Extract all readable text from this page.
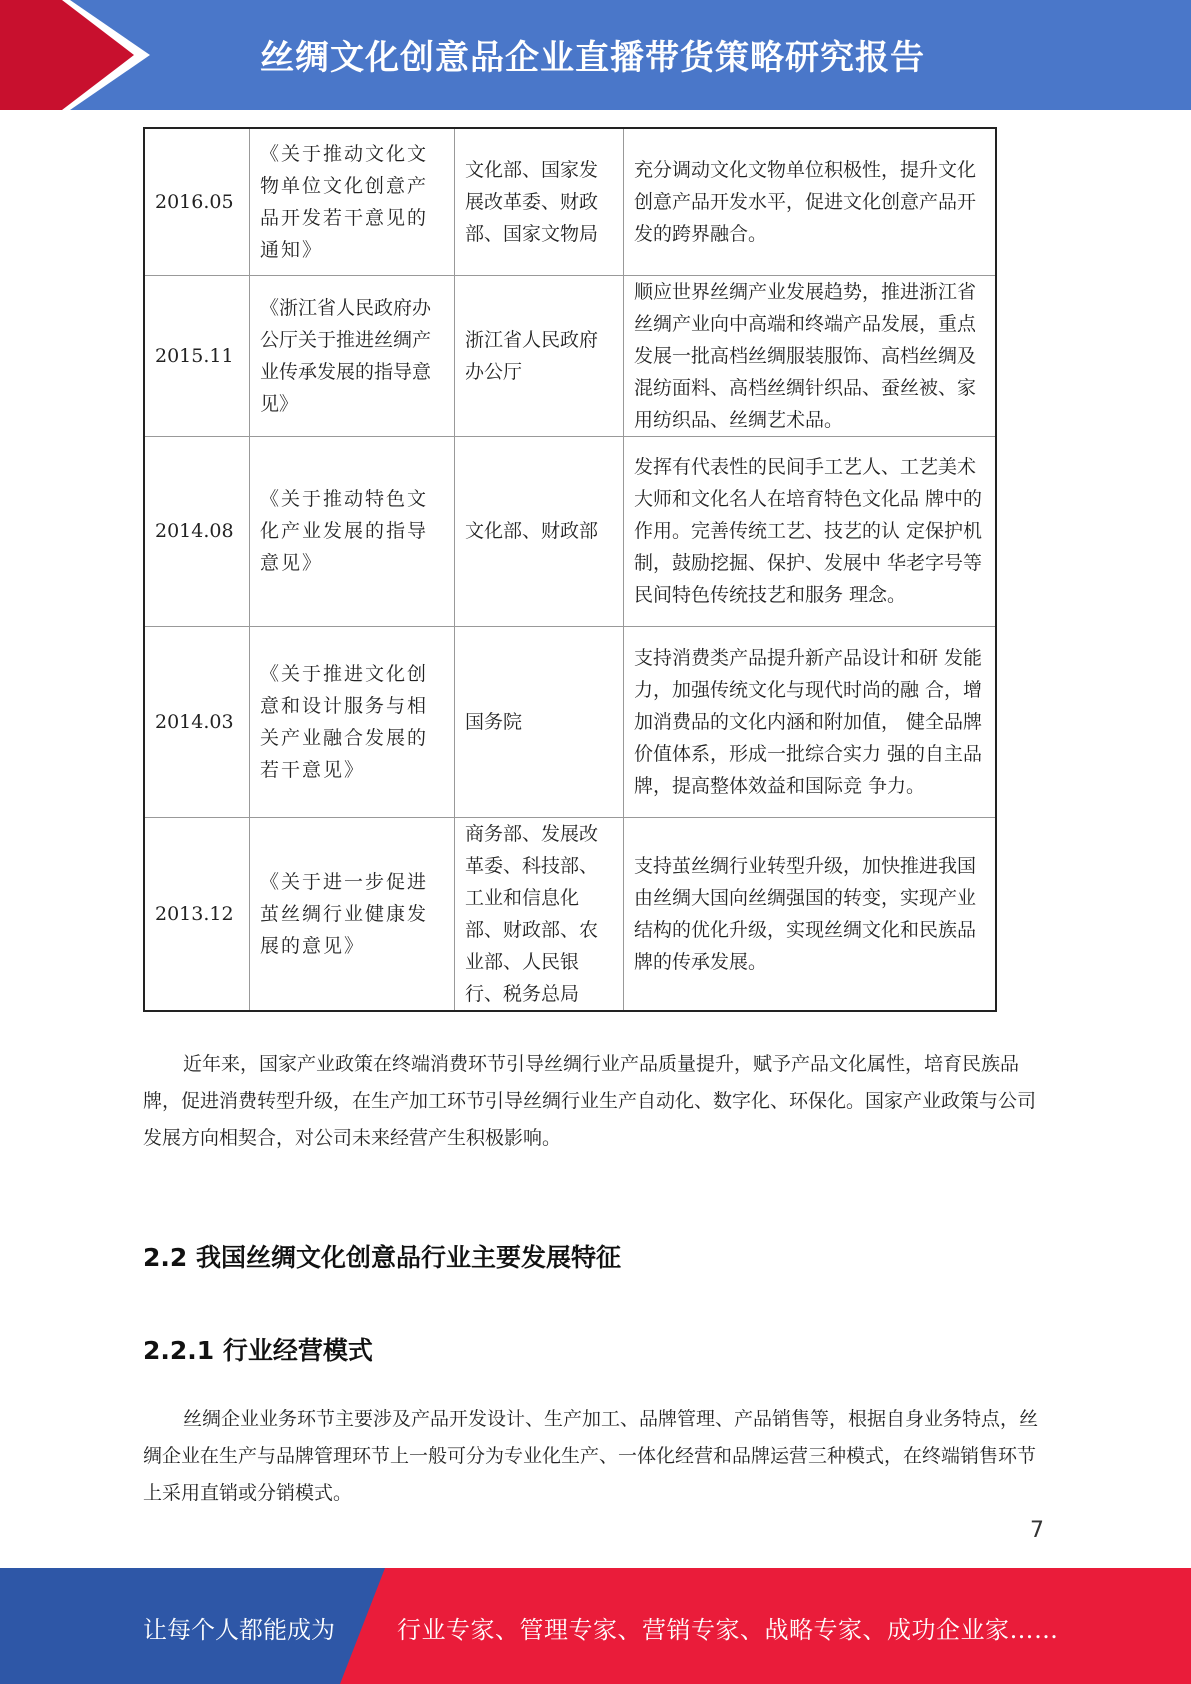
丝绸文化创意品企业直播带货策略研究报告
2016.05	《关于推动文化文 物单位文化创意产 品开发若干意见的 通知》	文化部、国家发 展改革委、财政 部、国家文物局	充分调动文化文物单位积极性，提升文化创意产品开发水平，促进文化创意产品开发的跨界融合。
2015.11	《浙江省人民政府办公厅关于推进丝绸产业传承发展的指导意见》	浙江省人民政府办公厅	顺应世界丝绸产业发展趋势，推进浙江省丝绸产业向中高端和终端产品发展，重点发展一批高档丝绸服装服饰、高档丝绸及混纺面料、高档丝绸针织品、蚕丝被、家用纺织品、丝绸艺术品。
2014.08	《关于推动特色文 化产业发展的指导 意见》	文化部、财政部	发挥有代表性的民间手工艺人、工艺美术大师和文化名人在培育特色文化品 牌中的作用。完善传统工艺、技艺的认 定保护机制，鼓励挖掘、保护、发展中 华老字号等民间特色传统技艺和服务 理念。
2014.03	《关于推进文化创 意和设计服务与相 关产业融合发展的 若干意见》	国务院	支持消费类产品提升新产品设计和研 发能力，加强传统文化与现代时尚的融 合，增加消费品的文化内涵和附加值， 健全品牌价值体系，形成一批综合实力 强的自主品牌，提高整体效益和国际竞 争力。
2013.12	《关于进一步促进 茧丝绸行业健康发 展的意见》	商务部、发展改革委、科技部、工业和信息化部、财政部、农业部、人民银行、税务总局	支持茧丝绸行业转型升级，加快推进我国由丝绸大国向丝绸强国的转变，实现产业结构的优化升级，实现丝绸文化和民族品牌的传承发展。

近年来，国家产业政策在终端消费环节引导丝绸行业产品质量提升，赋予产品文化属性，培育民族品牌，促进消费转型升级，在生产加工环节引导丝绸行业生产自动化、数字化、环保化。国家产业政策与公司发展方向相契合，对公司未来经营产生积极影响。

2.2 我国丝绸文化创意品行业主要发展特征
2.2.1 行业经营模式

丝绸企业业务环节主要涉及产品开发设计、生产加工、品牌管理、产品销售等，根据自身业务特点，丝绸企业在生产与品牌管理环节上一般可分为专业化生产、一体化经营和品牌运营三种模式，在终端销售环节上采用直销或分销模式。

7
让每个人都能成为	行业专家、管理专家、营销专家、战略专家、成功企业家……
